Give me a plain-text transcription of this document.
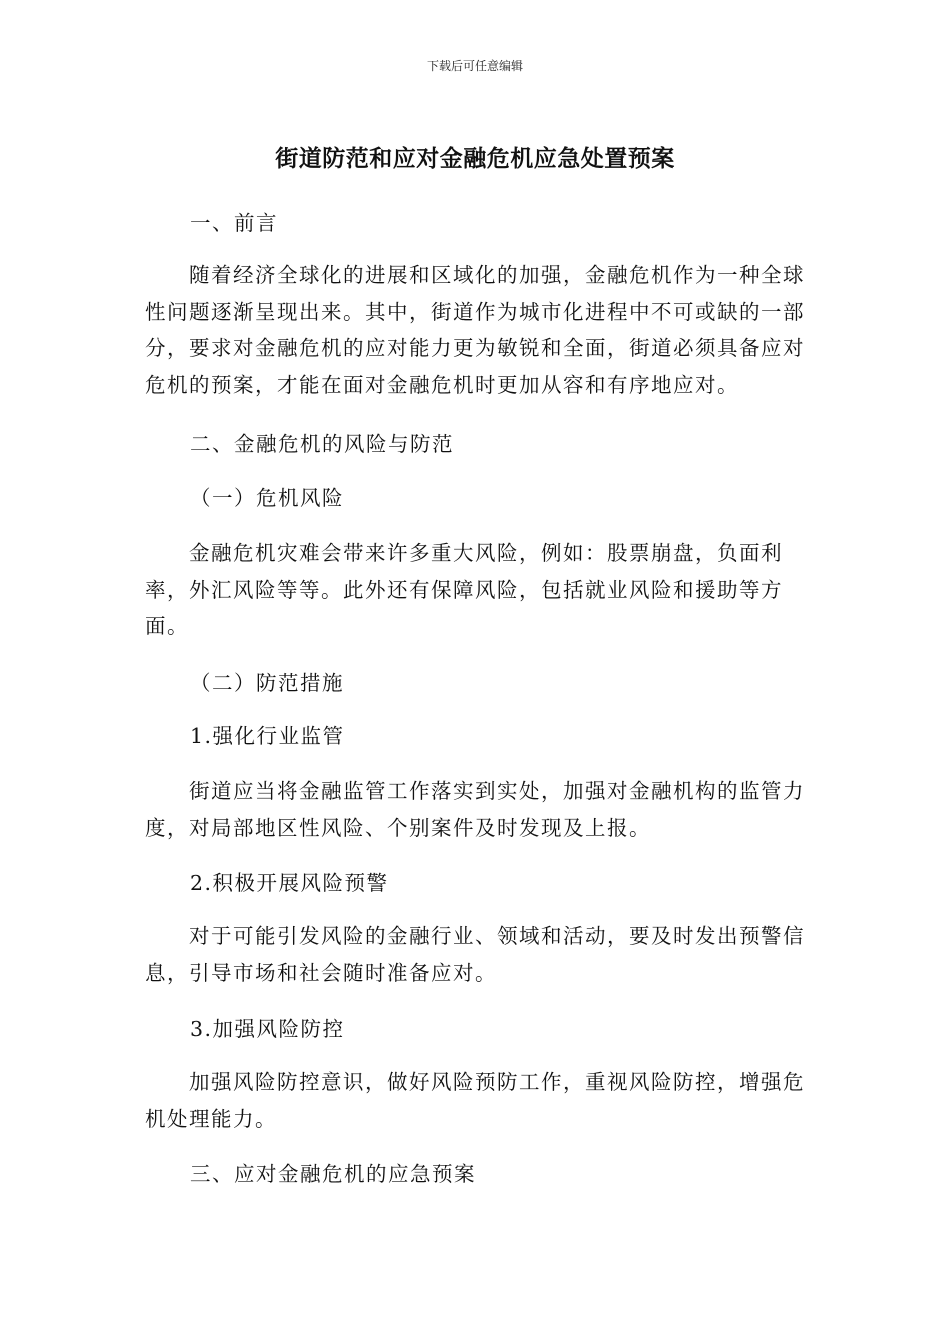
下载后可任意编辑
街道防范和应对金融危机应急处置预案

一、前言

随着经济全球化的进展和区域化的加强，金融危机作为一种全球性问题逐渐呈现出来。其中，街道作为城市化进程中不可或缺的一部分，要求对金融危机的应对能力更为敏锐和全面，街道必须具备应对危机的预案，才能在面对金融危机时更加从容和有序地应对。

二、金融危机的风险与防范

（一）危机风险

金融危机灾难会带来许多重大风险，例如：股票崩盘，负面利率，外汇风险等等。此外还有保障风险，包括就业风险和援助等方面。

（二）防范措施

1.强化行业监管

街道应当将金融监管工作落实到实处，加强对金融机构的监管力度，对局部地区性风险、个别案件及时发现及上报。

2.积极开展风险预警

对于可能引发风险的金融行业、领域和活动，要及时发出预警信息，引导市场和社会随时准备应对。

3.加强风险防控

加强风险防控意识，做好风险预防工作，重视风险防控，增强危机处理能力。

三、应对金融危机的应急预案
